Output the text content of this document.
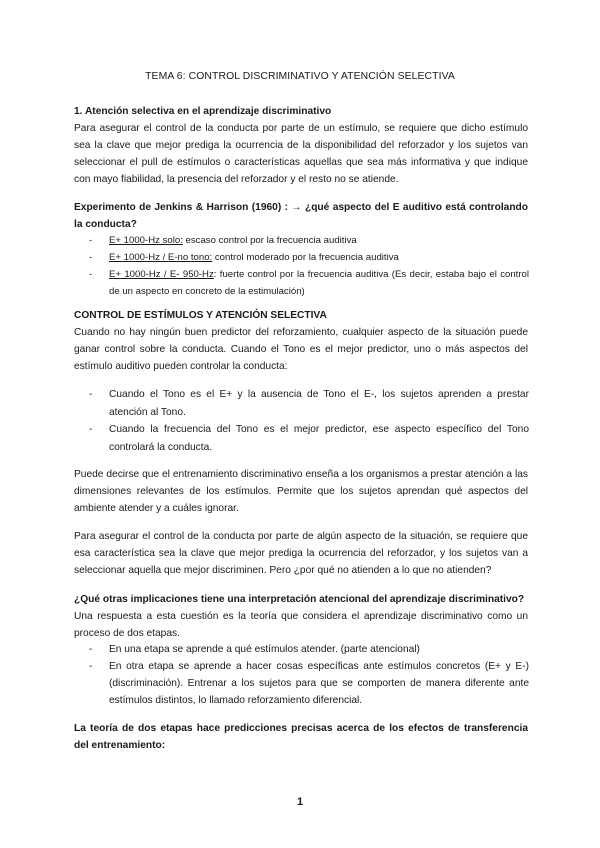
TEMA 6: CONTROL DISCRIMINATIVO Y ATENCIÓN SELECTIVA
1. Atención selectiva en el aprendizaje discriminativo
Para asegurar el control de la conducta por parte de un estímulo, se requiere que dicho estímulo sea la clave que mejor prediga la ocurrencia de la disponibilidad del reforzador y los sujetos van seleccionar el pull de estímulos o características aquellas que sea más informativa y que indique con mayo fiabilidad, la presencia del reforzador y el resto no se atiende.
Experimento de Jenkins & Harrison (1960) : → ¿qué aspecto del E auditivo está controlando la conducta?
- E+ 1000-Hz solo: escaso control por la frecuencia auditiva
- E+ 1000-Hz / E-no tono: control moderado por la frecuencia auditiva
- E+ 1000-Hz / E- 950-Hz: fuerte control por la frecuencia auditiva (Es decir, estaba bajo el control de un aspecto en concreto de la estimulación)
CONTROL DE ESTÍMULOS Y ATENCIÓN SELECTIVA
Cuando no hay ningún buen predictor del reforzamiento, cualquier aspecto de la situación puede ganar control sobre la conducta. Cuando el Tono es el mejor predictor, uno o más aspectos del estímulo auditivo pueden controlar la conducta:
- Cuando el Tono es el E+ y la ausencia de Tono el E-, los sujetos aprenden a prestar atención al Tono.
- Cuando la frecuencia del Tono es el mejor predictor, ese aspecto específico del Tono controlará la conducta.
Puede decirse que el entrenamiento discriminativo enseña a los organismos a prestar atención a las dimensiones relevantes de los estímulos. Permite que los sujetos aprendan qué aspectos del ambiente atender y a cuáles ignorar.
Para asegurar el control de la conducta por parte de algún aspecto de la situación, se requiere que esa característica sea la clave que mejor prediga la ocurrencia del reforzador, y los sujetos van a seleccionar aquella que mejor discriminen. Pero ¿por qué no atienden a lo que no atienden?
¿Qué otras implicaciones tiene una interpretación atencional del aprendizaje discriminativo?
Una respuesta a esta cuestión es la teoría que considera el aprendizaje discriminativo como un proceso de dos etapas.
- En una etapa se aprende a qué estímulos atender. (parte atencional)
- En otra etapa se aprende a hacer cosas específicas ante estímulos concretos (E+ y E-) (discriminación). Entrenar a los sujetos para que se comporten de manera diferente ante estímulos distintos, lo llamado reforzamiento diferencial.
La teoría de dos etapas hace predicciones precisas acerca de los efectos de transferencia del entrenamiento:
1
